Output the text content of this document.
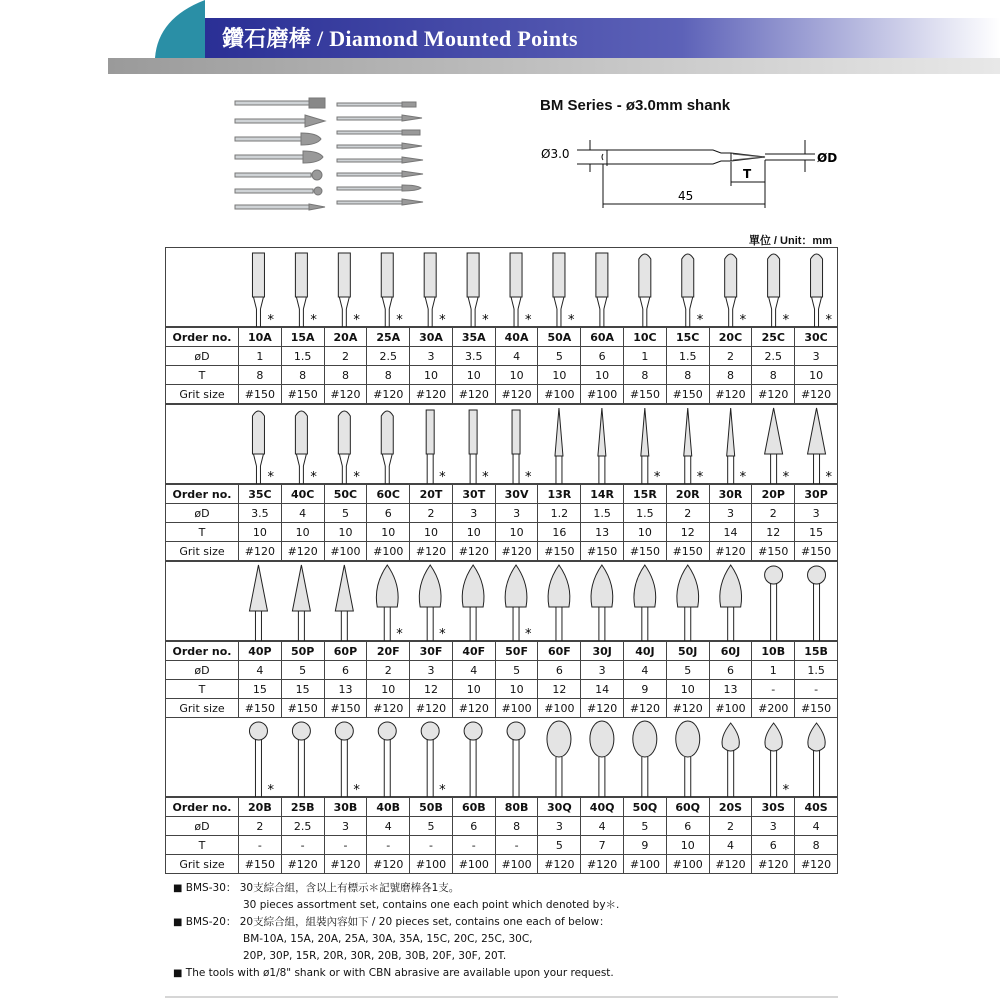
鑽石磨棒 / Diamond Mounted Points
BM Series - ø3.0mm shank
Ø3.0	ØD
T
45
單位 / Unit：mm
*	*	*	*	*	*	*	*	*	*	*	*
Order no.	10A	15A	20A	25A	30A	35A	40A	50A	60A	10C	15C	20C	25C	30C
øD	1	1.5	2	2.5	3	3.5	4	5	6	1	1.5	2	2.5	3
T	8	8	8	8	10	10	10	10	10	8	8	8	8	10
Grit size	#150	#150	#120	#120	#120	#120	#120	#100	#100	#150	#150	#120	#120	#120
*	*	*	*	*	*	*	*	*	*	*
Order no.	35C	40C	50C	60C	20T	30T	30V	13R	14R	15R	20R	30R	20P	30P
øD	3.5	4	5	6	2	3	3	1.2	1.5	1.5	2	3	2	3
T	10	10	10	10	10	10	10	16	13	10	12	14	12	15
Grit size	#120	#120	#100	#100	#120	#120	#120	#150	#150	#150	#150	#120	#150	#150
*	*	*
Order no.	40P	50P	60P	20F	30F	40F	50F	60F	30J	40J	50J	60J	10B	15B
øD	4	5	6	2	3	4	5	6	3	4	5	6	1	1.5
T	15	15	13	10	12	10	10	12	14	9	10	13	-	-
Grit size	#150	#150	#150	#120	#120	#120	#100	#100	#120	#120	#120	#100	#200	#150
*	*	*	*
Order no.	20B	25B	30B	40B	50B	60B	80B	30Q	40Q	50Q	60Q	20S	30S	40S
øD	2	2.5	3	4	5	6	8	3	4	5	6	2	3	4
T	-	-	-	-	-	-	-	5	7	9	10	4	6	8
Grit size	#150	#120	#120	#120	#100	#100	#100	#120	#120	#100	#100	#120	#120	#120
■ BMS-30： 30支綜合組，含以上有標示＊記號磨棒各1支。
30 pieces assortment set, contains one each point which denoted by＊.
■ BMS-20： 20支綜合組，組裝內容如下 / 20 pieces set, contains one each of below：
BM-10A, 15A, 20A, 25A, 30A, 35A, 15C, 20C, 25C, 30C,
20P, 30P, 15R, 20R, 30R, 20B, 30B, 20F, 30F, 20T.
■ The tools with ø1/8" shank or with CBN abrasive are available upon your request.
